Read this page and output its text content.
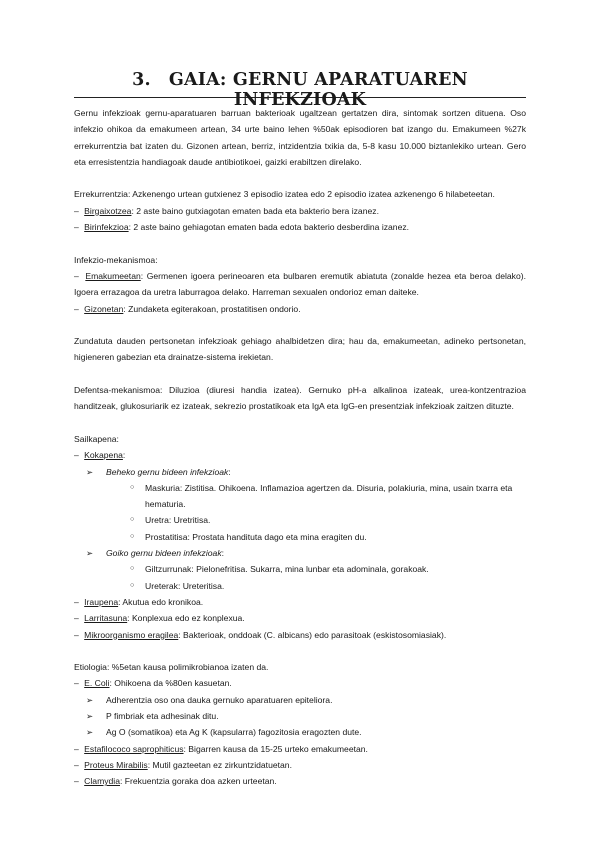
3. GAIA: GERNU APARATUAREN INFEKZIOAK

Gernu infekzioak gernu-aparatuaren barruan bakterioak ugaltzean gertatzen dira, sintomak sortzen dituena. Oso infekzio ohikoa da emakumeen artean, 34 urte baino lehen %50ak episodioren bat izango du. Emakumeen %27k errekurrentzia bat izaten du. Gizonen artean, berriz, intzidentzia txikia da, 5-8 kasu 10.000 biztanlekiko urtean. Gero eta erresistentzia handiagoak daude antibiotikoei, gaizki erabiltzen direlako.

Errekurrentzia: Azkenengo urtean gutxienez 3 episodio izatea edo 2 episodio izatea azkenengo 6 hilabeteetan.

– Birgaixotzea: 2 aste baino gutxiagotan ematen bada eta bakterio bera izanez.
– Birinfekzioa: 2 aste baino gehiagotan ematen bada edota bakterio desberdina izanez.

Infekzio-mekanismoa:

– Emakumeetan: Germenen igoera perineoaren eta bulbaren eremutik abiatuta (zonalde hezea eta beroa delako). Igoera errazagoa da uretra laburragoa delako. Harreman sexualen ondorioz eman daiteke.

– Gizonetan: Zundaketa egiterakoan, prostatitisen ondorio.

Zundatuta dauden pertsonetan infekzioak gehiago ahalbidetzen dira; hau da, emakumeetan, adineko pertsonetan, higieneren gabezian eta drainatze-sistema irekietan.

Defentsa-mekanismoa: Diluzioa (diuresi handia izatea). Gernuko pH-a alkalinoa izateak, urea-kontzentrazioa handitzeak, glukosuriarik ez izateak, sekrezio prostatikoak eta IgA eta IgG-en presentziak infekzioak zaitzen dituzte.

Sailkapena:

– Kokapena:
➢	Beheko gernu bideen infekzioak:
○	Maskuria: Zistitisa. Ohikoena. Inflamazioa agertzen da. Disuria, polakiuria, mina, usain txarra eta hematuria.
○	Uretra: Uretritisa.
○	Prostatitisa: Prostata handituta dago eta mina eragiten du.
➢	Goiko gernu bideen infekzioak:
○	Giltzurrunak: Pielonefritisa. Sukarra, mina lunbar eta adominala, gorakoak.
○	Ureterak: Ureteritisa.
– Iraupena: Akutua edo kronikoa.
– Larritasuna: Konplexua edo ez konplexua.
– Mikroorganismo eragilea: Bakterioak, onddoak (C. albicans) edo parasitoak (eskistosomiasiak).

Etiologia: %5etan kausa polimikrobianoa izaten da.

– E. Coli: Ohikoena da %80en kasuetan.
➢	Adherentzia oso ona dauka gernuko aparatuaren epiteliora.
➢	P fimbriak eta adhesinak ditu.
➢	Ag O (somatikoa) eta Ag K (kapsularra) fagozitosia eragozten dute.
– Estafilococo saprophiticus: Bigarren kausa da 15-25 urteko emakumeetan.
– Proteus Mirabilis: Mutil gazteetan ez zirkuntzidatuetan.
– Clamydia: Frekuentzia goraka doa azken urteetan.
